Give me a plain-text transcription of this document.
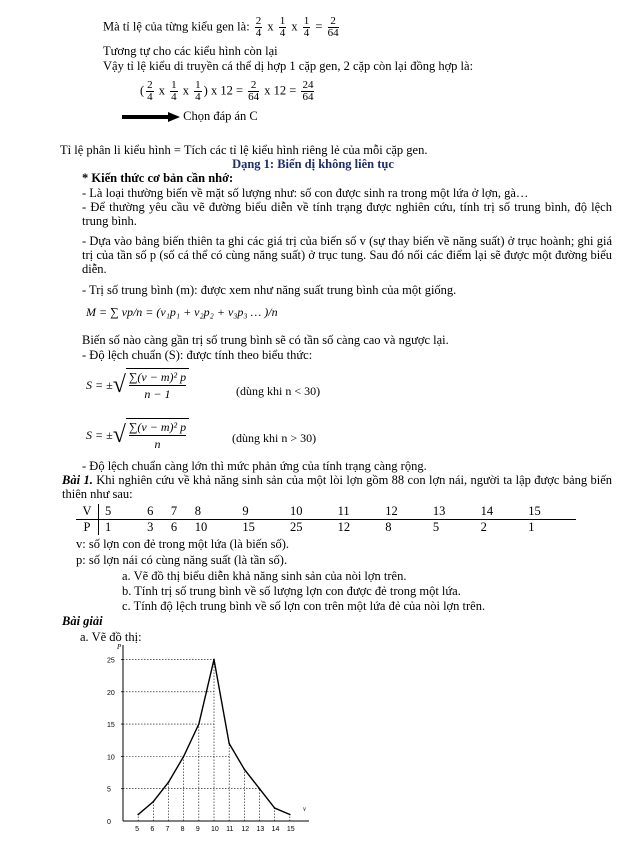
Mà tỉ lệ của từng kiểu gen là: $\frac{2}{4}$ x $\frac{1}{4}$ x $\frac{1}{4} = \frac{2}{64}$
Tương tự cho các kiểu hình còn lại
Vậy tỉ lệ kiểu di truyền cá thể dị hợp 1 cặp gen, 2 cặp còn lại đồng hợp là:
( $\frac{2}{4}$ x $\frac{1}{4}$ x $\frac{1}{4}$ ) x $12 = \frac{2}{64}$ x $12 = \frac{24}{64}$
Chọn đáp án C
Tỉ lệ phân li kiểu hình = Tích các tỉ lệ kiểu hình riêng lẻ của mỗi cặp gen.
Dạng 1: Biến dị không liên tục
* Kiến thức cơ bản cần nhớ:
- Là loại thường biến về mặt số lượng như: số con được sinh ra trong một lứa ở lợn, gà…
- Để thường yêu cầu vẽ đường biểu diễn về tính trạng được nghiên cứu, tính trị số trung bình, độ lệch trung bình.
- Dựa vào bảng biến thiên ta ghi các giá trị của biến số v (sự thay biến về năng suất) ở trục hoành; ghi giá trị của tần số p (số cá thể có cùng năng suất) ở trục tung. Sau đó nối các điểm lại sẽ được một đường biểu diễn.
- Trị số trung bình (m): được xem như năng suất trung bình của một giống.
M = ∑ vp/n = (v₁p₁ + v₂p₂ + v₃p₃ … )/n
Biến số nào càng gần trị số trung bình sẽ có tần số càng cao và ngược lại.
- Độ lệch chuẩn (S): được tính theo biểu thức:
S = ±√ $\frac{\text{∑(v − m)² p}}{n - 1}$	(dùng khi n < 30)
S = ±√ $\frac{\text{∑(v − m)² p}}{n}$	(dùng khi n > 30)
- Độ lệch chuẩn càng lớn thì mức phản ứng của tính trạng càng rộng.
Bài 1. Khi nghiên cứu về khả năng sinh sản của một lòi lợn gồm 88 con lợn nái, người ta lập được bảng biến thiên như sau:
V	5	6	7	8	9	10	11	12	13	14	15
P	1	3	6	10	15	25	12	8	5	2	1
v: số lợn con đẻ trong một lứa (là biến số).
p: số lợn nái có cùng năng suất (là tần số).
a. Vẽ đồ thị biểu diễn khả năng sinh sản của nòi lợn trên.
b. Tính trị số trung bình về số lượng lợn con được đẻ trong một lứa.
c. Tính độ lệch trung bình về số lợn con trên một lứa đẻ của nòi lợn trên.
Bài giải
a. Vẽ đồ thị:
P
v
0
5
10
15
20
25
5 6 7 8 9 10 11 12 13 14 15
